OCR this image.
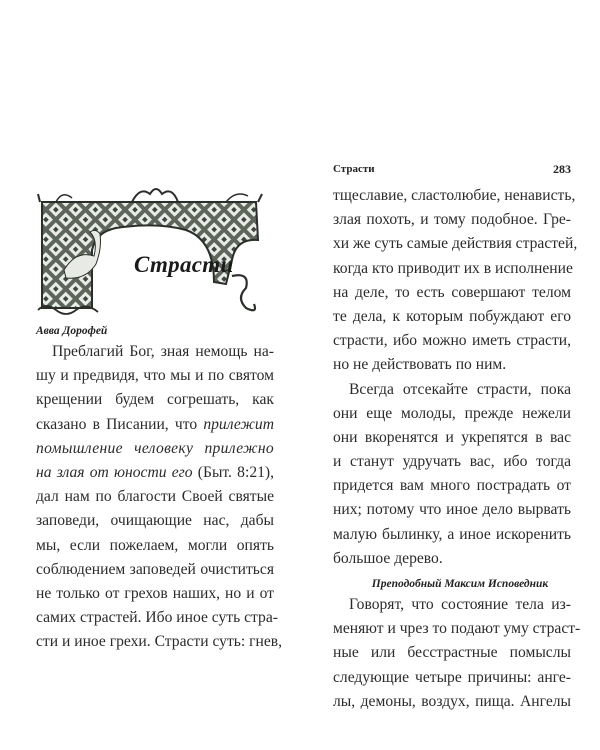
Страсти
Авва Дорофей
Преблагий Бог, зная немощь на-
шу и предвидя, что мы и по святом
крещении будем согрешать, как
сказано в Писании, что прилежит
помышление человеку прилежно
на злая от юности его (Быт. 8:21),
дал нам по благости Своей святые
заповеди, очищающие нас, дабы
мы, если пожелаем, могли опять
соблюдением заповедей очиститься
не только от грехов наших, но и от
самих страстей. Ибо иное суть стра-
сти и иное грехи. Страсти суть: гнев,
Страсти	283
тщеславие, сластолюбие, ненависть,
злая похоть, и тому подобное. Гре-
хи же суть самые действия страстей,
когда кто приводит их в исполнение
на деле, то есть совершают телом
те дела, к которым побуждают его
страсти, ибо можно иметь страсти,
но не действовать по ним.
Всегда отсекайте страсти, пока
они еще молоды, прежде нежели
они вкоренятся и укрепятся в вас
и станут удручать вас, ибо тогда
придется вам много пострадать от
них; потому что иное дело вырвать
малую былинку, а иное искоренить
большое дерево.
Преподобный Максим Исповедник
Говорят, что состояние тела из-
меняют и чрез то подают уму страст-
ные или бесстрастные помыслы
следующие четыре причины: анге-
лы, демоны, воздух, пища. Ангелы
